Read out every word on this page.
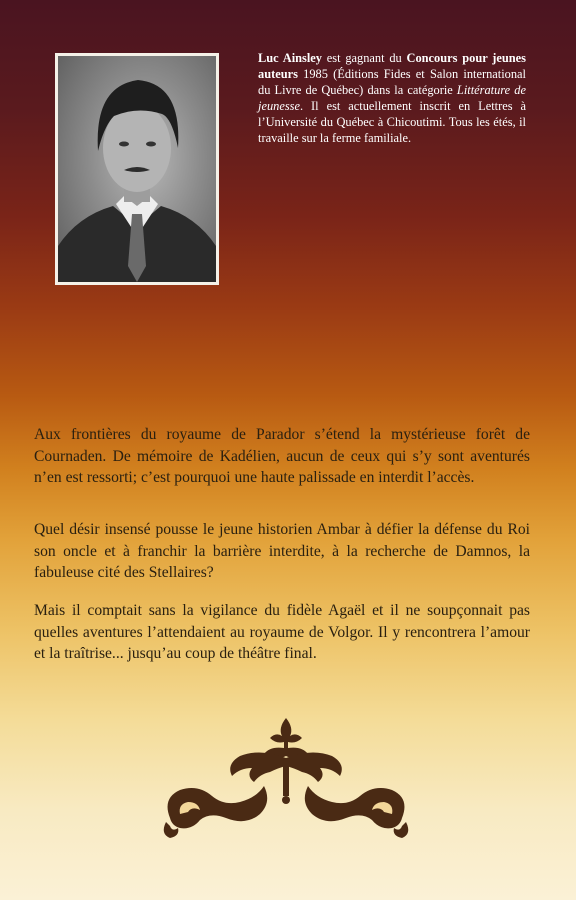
Luc Ainsley est gagnant du Concours pour jeunes auteurs 1985 (Éditions Fides et Salon international du Livre de Québec) dans la catégorie Littérature de jeunesse. Il est actuellement inscrit en Lettres à l’Université du Québec à Chicoutimi. Tous les étés, il travaille sur la ferme familiale.

Aux frontières du royaume de Parador s’étend la mystérieuse forêt de Cournaden. De mémoire de Kadélien, aucun de ceux qui s’y sont aventurés n’en est ressorti; c’est pourquoi une haute palissade en interdit l’accès.

Quel désir insensé pousse le jeune historien Ambar à défier la défense du Roi son oncle et à franchir la barrière interdite, à la recherche de Damnos, la fabuleuse cité des Stellaires?

Mais il comptait sans la vigilance du fidèle Agaël et il ne soupçonnait pas quelles aventures l’attendaient au royaume de Volgor. Il y rencontrera l’amour et la traîtrise... jusqu’au coup de théâtre final.
